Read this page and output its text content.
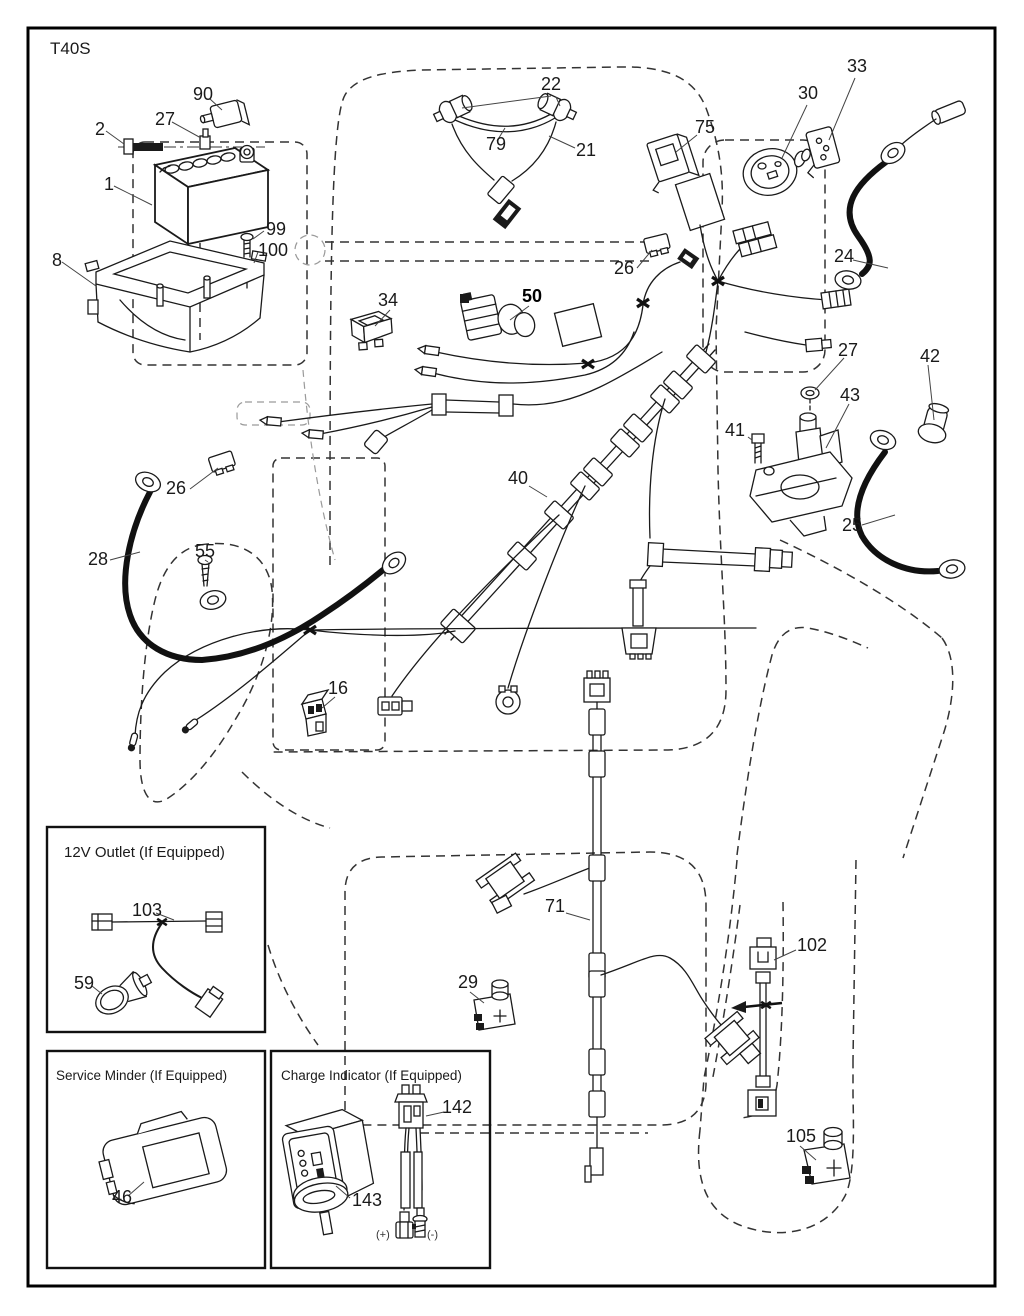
T40S
12V Outlet (If Equipped)
Service Minder (If Equipped)	Charge Indicator (If Equipped)
90
27
2
1
99
100
8
22
79	21
75
30
33
24
26
34	50
27	42
43
41
25
26
28	55
40
16
71
29
102
105
46
103
59
142
143
(+)	(-)
